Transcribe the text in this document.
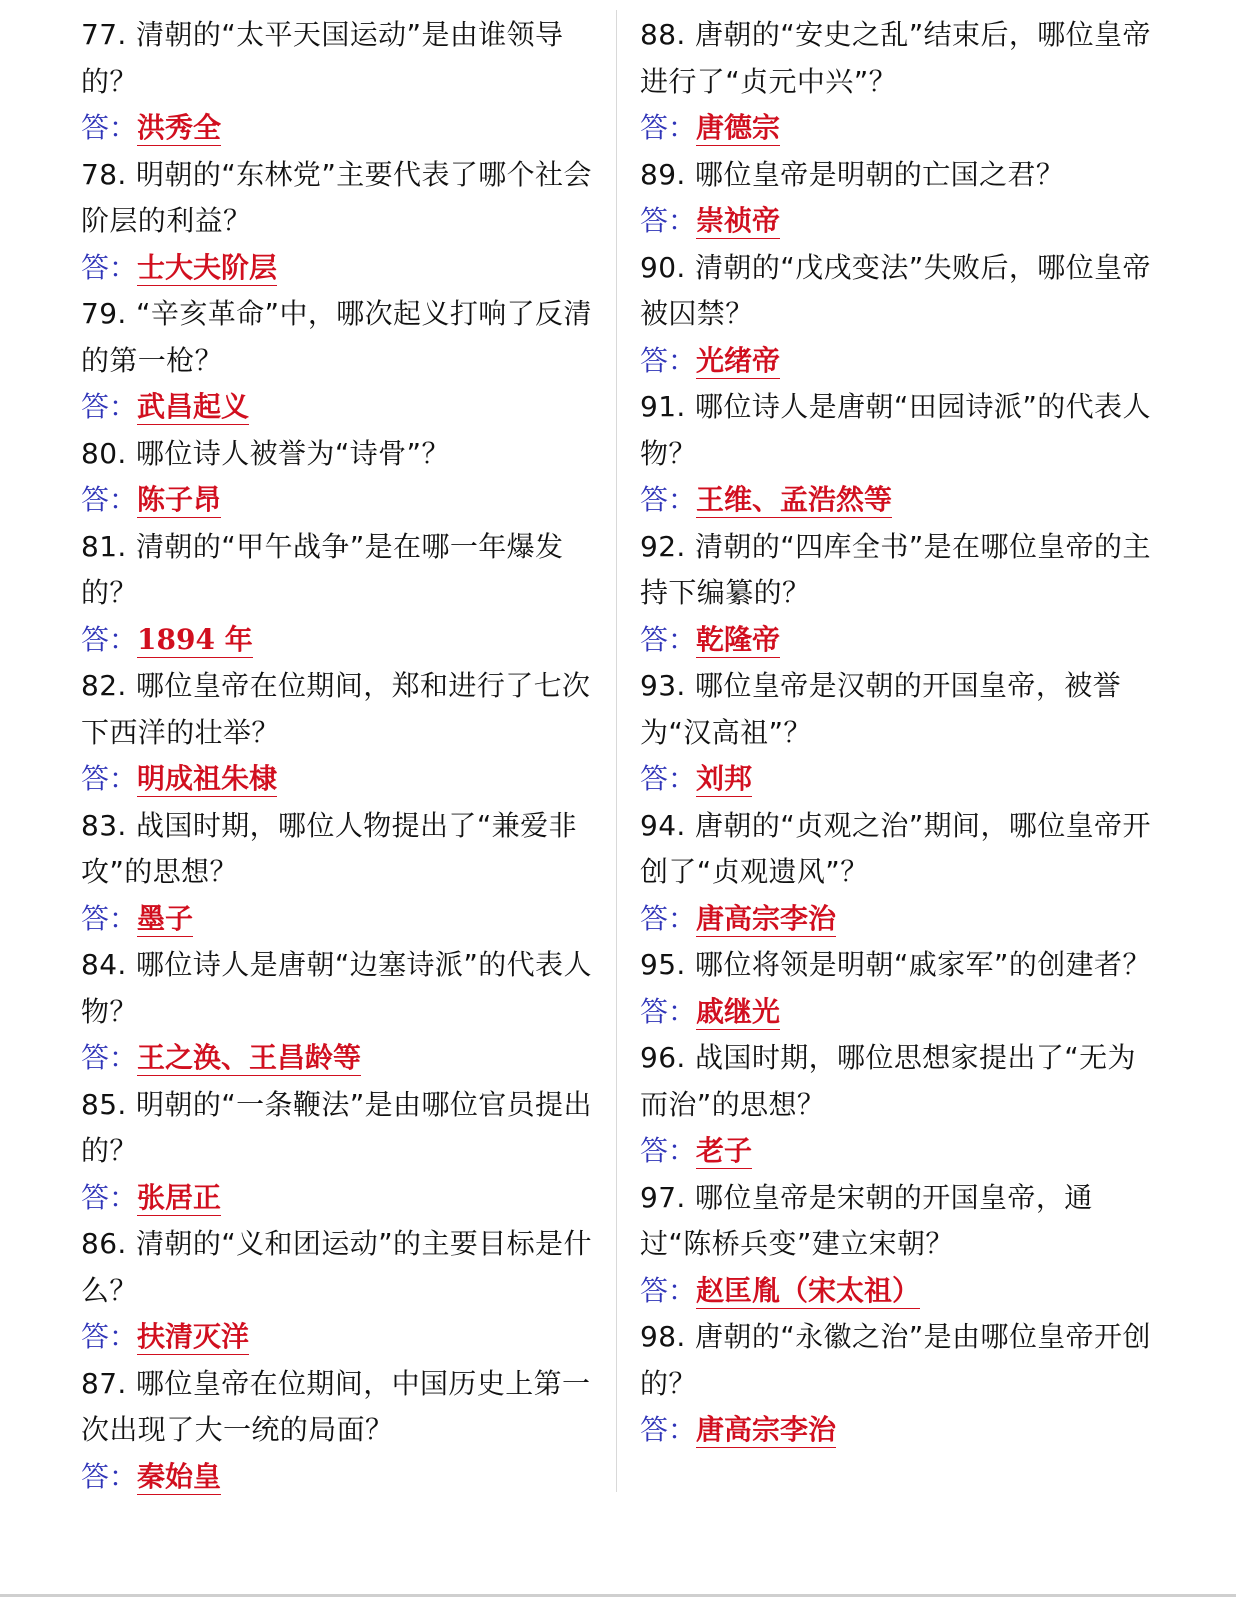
77. 清朝的“太平天国运动”是由谁领导的？

答：洪秀全

78. 明朝的“东林党”主要代表了哪个社会阶层的利益？

答：士大夫阶层

79. “辛亥革命”中，哪次起义打响了反清的第一枪？

答：武昌起义

80. 哪位诗人被誉为“诗骨”？

答：陈子昂

81. 清朝的“甲午战争”是在哪一年爆发的？

答：1894 年

82. 哪位皇帝在位期间，郑和进行了七次下西洋的壮举？

答：明成祖朱棣

83. 战国时期，哪位人物提出了“兼爱非攻”的思想？

答：墨子

84. 哪位诗人是唐朝“边塞诗派”的代表人物？

答：王之涣、王昌龄等

85. 明朝的“一条鞭法”是由哪位官员提出的？

答：张居正

86. 清朝的“义和团运动”的主要目标是什么？

答：扶清灭洋

87. 哪位皇帝在位期间，中国历史上第一次出现了大一统的局面？

答：秦始皇

88. 唐朝的“安史之乱”结束后，哪位皇帝进行了“贞元中兴”？

答：唐德宗

89. 哪位皇帝是明朝的亡国之君？

答：崇祯帝

90. 清朝的“戊戌变法”失败后，哪位皇帝被囚禁？

答：光绪帝

91. 哪位诗人是唐朝“田园诗派”的代表人物？

答：王维、孟浩然等

92. 清朝的“四库全书”是在哪位皇帝的主持下编纂的？

答：乾隆帝

93. 哪位皇帝是汉朝的开国皇帝，被誉为“汉高祖”？

答：刘邦

94. 唐朝的“贞观之治”期间，哪位皇帝开创了“贞观遗风”？

答：唐高宗李治

95. 哪位将领是明朝“戚家军”的创建者？

答：戚继光

96. 战国时期，哪位思想家提出了“无为而治”的思想？

答：老子

97. 哪位皇帝是宋朝的开国皇帝，通过“陈桥兵变”建立宋朝？

答：赵匡胤（宋太祖）

98. 唐朝的“永徽之治”是由哪位皇帝开创的？

答：唐高宗李治
